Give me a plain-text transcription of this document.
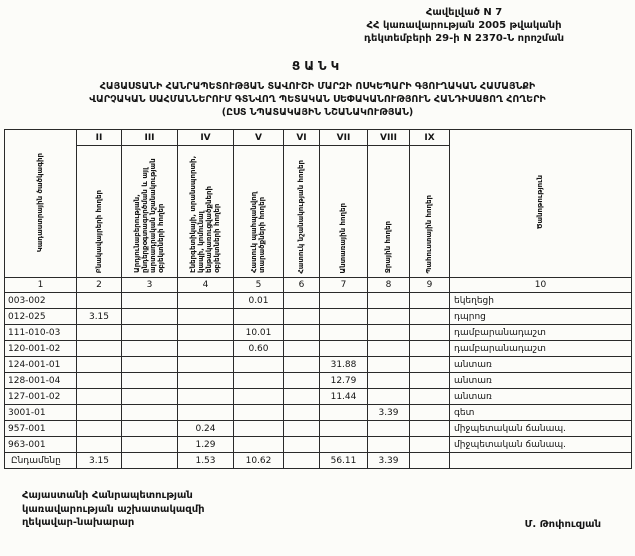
Հավելված N 7
ՀՀ կառավարության 2005 թվականի
դեկտեմբերի 29-ի N 2370-Ն որոշման
ՑԱՆԿ
ՀԱՅԱՍՏԱՆԻ ՀԱՆՐԱՊԵՏՈՒԹՅԱՆ ՏԱՎՈՒՇԻ ՄԱՐԶԻ ՈՍԿԵՊԱՐԻ ԳՅՈՒՂԱԿԱՆ ՀԱՄԱՅՆՔԻ
ՎԱՐՉԱԿԱՆ ՍԱՀՄԱՆՆԵՐՈՒՄ ԳՏՆՎՈՂ ՊԵՏԱԿԱՆ ՍԵՓԱԿԱՆՈՒԹՅՈՒՆ ՀԱՆԴԻՍԱՑՈՂ ՀՈՂԵՐԻ
(ԸՍՏ ՆՊԱՏԱԿԱՅԻՆ ՆՇԱՆԱԿՈՒԹՅԱՆ)
Կադաստրային ծածկագիր	II	III	IV	V	VI	VII	VIII	IX	Ծանոթություն
	Բնակավայրերի հողեր	Արդյունաբերության, ընդերքօգտագործման և այլ արտադրական նշանակության օբյեկտների հողեր	Էներգետիկայի, տրանսպորտի, կապի, կոմունալ ենթակառուցվածքների օբյեկտների հողեր	Հատուկ պահպանվող տարածքների հողեր	Հատուկ նշանակության հողեր	Անտառային հողեր	Ջրային հողեր	Պահուստային հողեր	
1	2	3	4	5	6	7	8	9	10
003-002				0.01					եկեղեցի
012-025	3.15								դպրոց
111-010-03				10.01					դամբարանադաշտ
120-001-02				0.60					դամբարանադաշտ
124-001-01						31.88			անտառ
128-001-04						12.79			անտառ
127-001-02						11.44			անտառ
3001-01							3.39		գետ
957-001			0.24						միջպետական ճանապ.
963-001			1.29						միջպետական ճանապ.
Ընդամենը	3.15		1.53	10.62		56.11	3.39		
Հայաստանի Հանրապետության
կառավարության աշխատակազմի
ղեկավար-նախարար	Մ. Թոփուզյան
